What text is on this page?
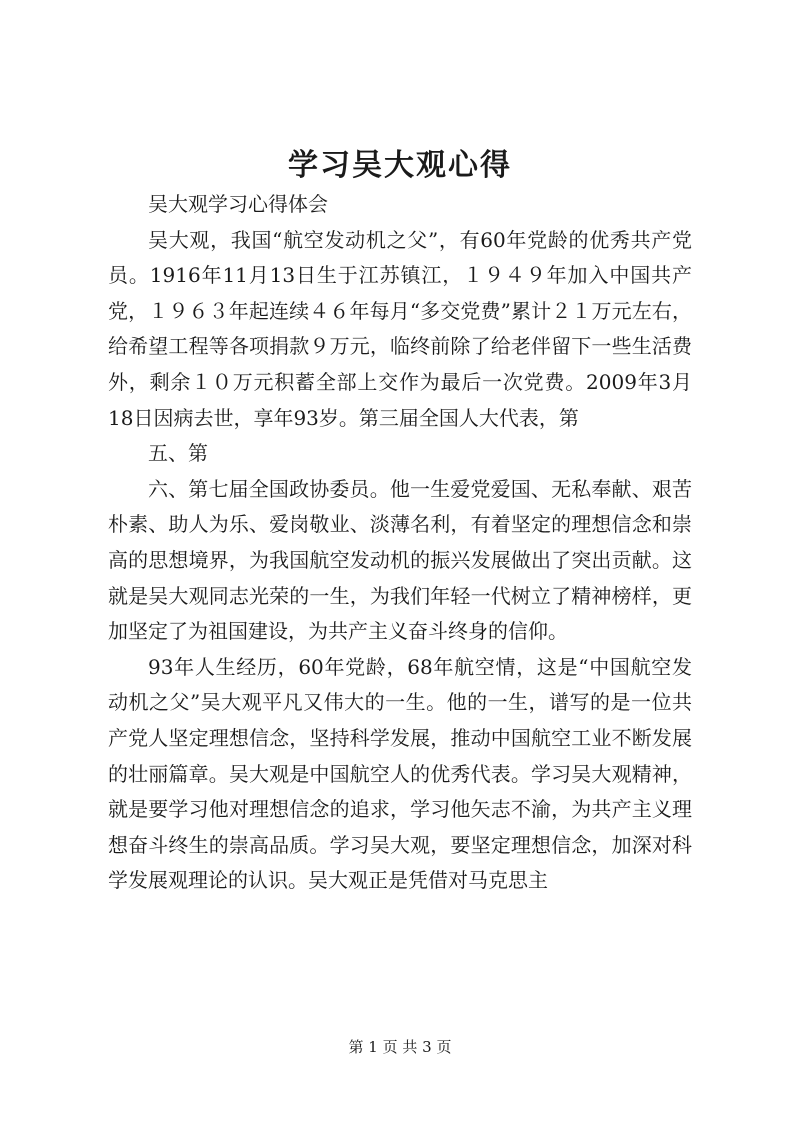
学习吴大观心得

吴大观学习心得体会

吴大观，我国“航空发动机之父”，有60年党龄的优秀共产党员。1916年11月13日生于江苏镇江，１９４９年加入中国共产党，１９６３年起连续４６年每月“多交党费”累计２１万元左右，给希望工程等各项捐款９万元，临终前除了给老伴留下一些生活费外，剩余１０万元积蓄全部上交作为最后一次党费。2009年3月18日因病去世，享年93岁。第三届全国人大代表，第

五、第

六、第七届全国政协委员。他一生爱党爱国、无私奉献、艰苦朴素、助人为乐、爱岗敬业、淡薄名利，有着坚定的理想信念和崇高的思想境界，为我国航空发动机的振兴发展做出了突出贡献。这就是吴大观同志光荣的一生，为我们年轻一代树立了精神榜样，更加坚定了为祖国建设，为共产主义奋斗终身的信仰。

93年人生经历，60年党龄，68年航空情，这是“中国航空发动机之父”吴大观平凡又伟大的一生。他的一生，谱写的是一位共产党人坚定理想信念，坚持科学发展，推动中国航空工业不断发展的壮丽篇章。吴大观是中国航空人的优秀代表。学习吴大观精神，就是要学习他对理想信念的追求，学习他矢志不渝，为共产主义理想奋斗终生的崇高品质。学习吴大观，要坚定理想信念，加深对科学发展观理论的认识。吴大观正是凭借对马克思主

第 1 页 共 3 页
